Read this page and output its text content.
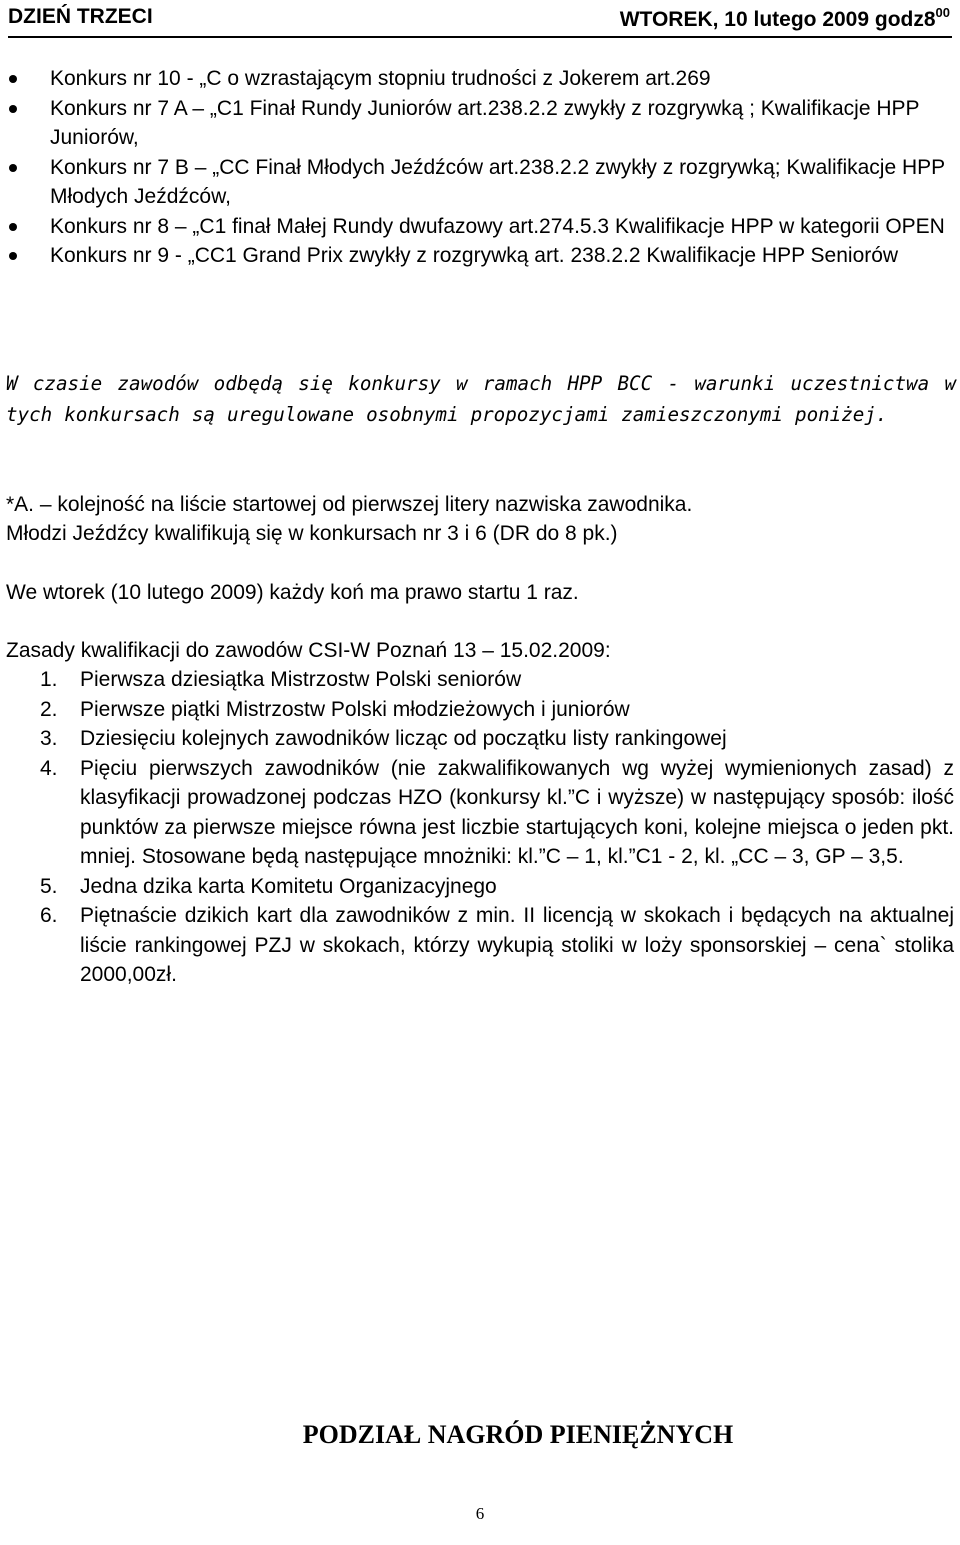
DZIEŃ TRZECI	WTOREK, 10 lutego 2009 $godz8^{00}$
Konkurs nr 10 - „C o wzrastającym stopniu trudności z Jokerem art.269
Konkurs nr 7 A – „C1 Finał Rundy Juniorów art.238.2.2 zwykły z rozgrywką ; Kwalifikacje HPP Juniorów,
Konkurs nr 7 B – „CC Finał Młodych Jeźdźców art.238.2.2 zwykły z rozgrywką; Kwalifikacje HPP Młodych Jeźdźców,
Konkurs nr 8 – „C1 finał Małej Rundy dwufazowy art.274.5.3 Kwalifikacje HPP w kategorii OPEN
Konkurs nr 9 - „CC1 Grand Prix zwykły z rozgrywką art. 238.2.2 Kwalifikacje HPP Seniorów
W czasie zawodów odbędą się konkursy w ramach HPP BCC - warunki uczestnictwa w tych konkursach są uregulowane osobnymi propozycjami zamieszczonymi poniżej.
*A. – kolejność na liście startowej od pierwszej litery nazwiska zawodnika.
Młodzi Jeźdźcy kwalifikują się w konkursach nr 3 i 6 (DR do 8 pk.)
We wtorek (10 lutego 2009) każdy koń ma prawo startu 1 raz.
Zasady kwalifikacji do zawodów CSI-W Poznań 13 – 15.02.2009:
1. Pierwsza dziesiątka Mistrzostw Polski seniorów
2. Pierwsze piątki Mistrzostw Polski młodzieżowych i juniorów
3. Dziesięciu kolejnych zawodników licząc od początku listy rankingowej
4. Pięciu pierwszych zawodników (nie zakwalifikowanych wg wyżej wymienionych zasad) z klasyfikacji prowadzonej podczas HZO (konkursy kl.”C i wyższe) w następujący sposób: ilość punktów za pierwsze miejsce równa jest liczbie startujących koni, kolejne miejsca o jeden pkt. mniej. Stosowane będą następujące mnożniki: kl.”C – 1, kl.”C1 - 2, kl. „CC – 3, GP – 3,5.
5. Jedna dzika karta Komitetu Organizacyjnego
6. Piętnaście dzikich kart dla zawodników z min. II licencją w skokach i będących na aktualnej liście rankingowej PZJ w skokach, którzy wykupią stoliki w loży sponsorskiej – cena` stolika 2000,00zł.
PODZIAŁ NAGRÓD PIENIĘŻNYCH
6
